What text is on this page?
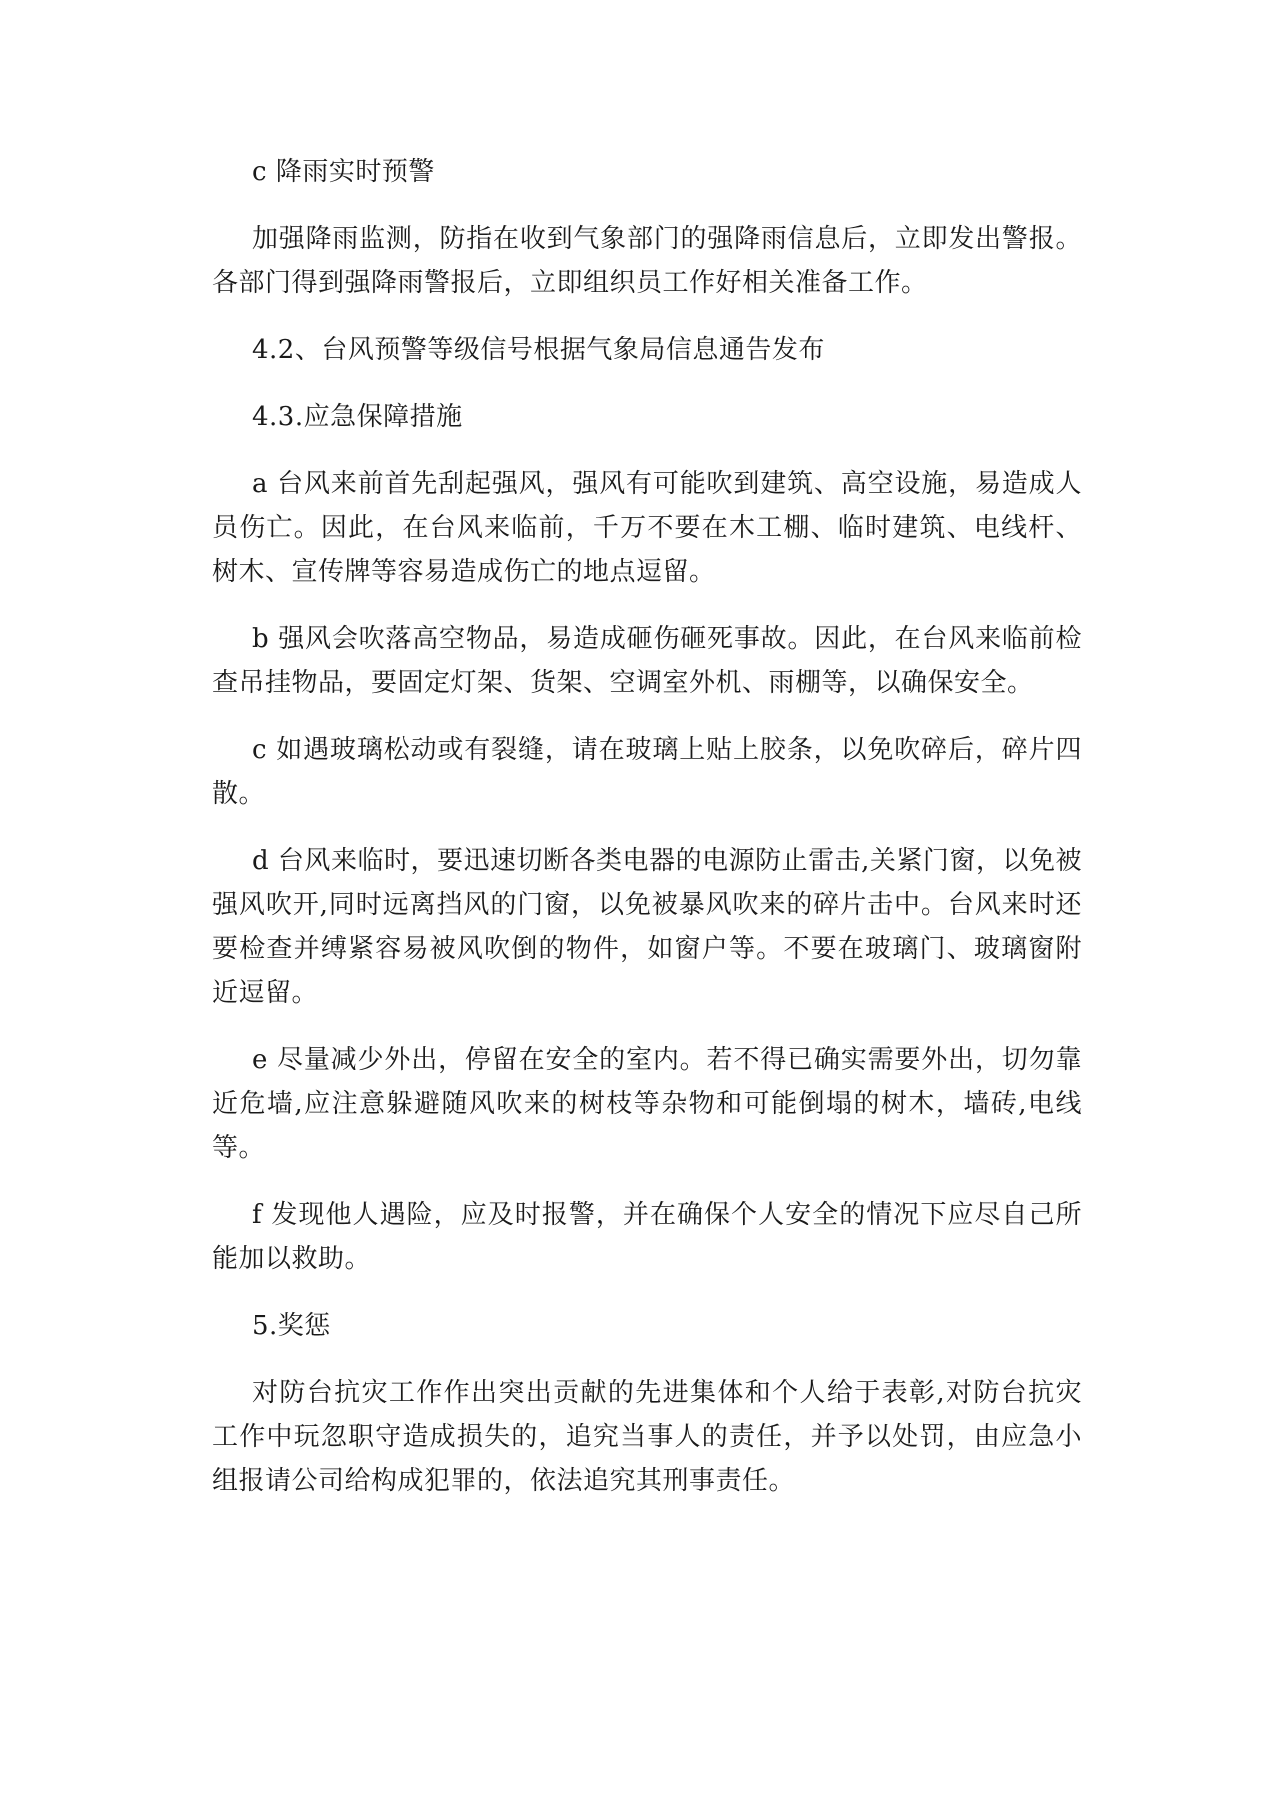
c 降雨实时预警

加强降雨监测，防指在收到气象部门的强降雨信息后，立即发出警报。各部门得到强降雨警报后，立即组织员工作好相关准备工作。

4.2、台风预警等级信号根据气象局信息通告发布

4.3.应急保障措施

a 台风来前首先刮起强风，强风有可能吹到建筑、高空设施，易造成人员伤亡。因此，在台风来临前，千万不要在木工棚、临时建筑、电线杆、树木、宣传牌等容易造成伤亡的地点逗留。

b 强风会吹落高空物品，易造成砸伤砸死事故。因此，在台风来临前检查吊挂物品，要固定灯架、货架、空调室外机、雨棚等，以确保安全。

c 如遇玻璃松动或有裂缝，请在玻璃上贴上胶条，以免吹碎后，碎片四散。

d 台风来临时，要迅速切断各类电器的电源防止雷击,关紧门窗，以免被强风吹开,同时远离挡风的门窗，以免被暴风吹来的碎片击中。台风来时还要检查并缚紧容易被风吹倒的物件，如窗户等。不要在玻璃门、玻璃窗附近逗留。

e 尽量减少外出，停留在安全的室内。若不得已确实需要外出，切勿靠近危墙,应注意躲避随风吹来的树枝等杂物和可能倒塌的树木，墙砖,电线等。

f 发现他人遇险，应及时报警，并在确保个人安全的情况下应尽自己所能加以救助。

5.奖惩

对防台抗灾工作作出突出贡献的先进集体和个人给于表彰,对防台抗灾工作中玩忽职守造成损失的，追究当事人的责任，并予以处罚，由应急小组报请公司给构成犯罪的，依法追究其刑事责任。
